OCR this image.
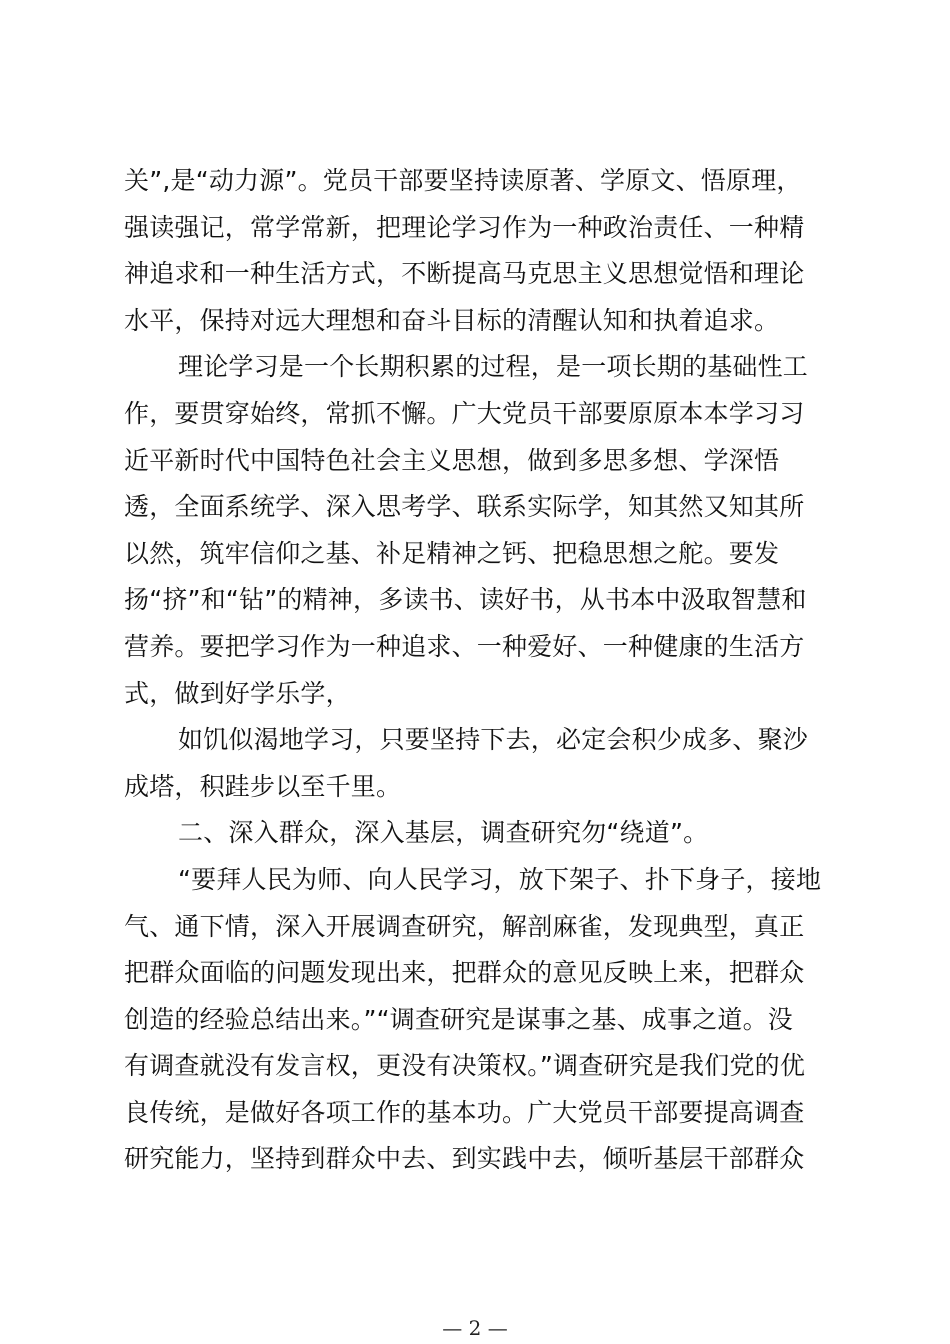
关”,是“动力源”。党员干部要坚持读原著、学原文、悟原理，
强读强记，常学常新，把理论学习作为一种政治责任、一种精
神追求和一种生活方式，不断提高马克思主义思想觉悟和理论
水平，保持对远大理想和奋斗目标的清醒认知和执着追求。
理论学习是一个长期积累的过程，是一项长期的基础性工
作，要贯穿始终，常抓不懈。广大党员干部要原原本本学习习
近平新时代中国特色社会主义思想，做到多思多想、学深悟
透，全面系统学、深入思考学、联系实际学，知其然又知其所
以然，筑牢信仰之基、补足精神之钙、把稳思想之舵。要发
扬“挤”和“钻”的精神，多读书、读好书，从书本中汲取智慧和
营养。要把学习作为一种追求、一种爱好、一种健康的生活方
式，做到好学乐学，
如饥似渴地学习，只要坚持下去，必定会积少成多、聚沙
成塔，积跬步以至千里。
二、深入群众，深入基层，调查研究勿“绕道”。
“要拜人民为师、向人民学习，放下架子、扑下身子，接地
气、通下情，深入开展调查研究，解剖麻雀，发现典型，真正
把群众面临的问题发现出来，把群众的意见反映上来，把群众
创造的经验总结出来。”“调查研究是谋事之基、成事之道。没
有调查就没有发言权，更没有决策权。”调查研究是我们党的优
良传统，是做好各项工作的基本功。广大党员干部要提高调查
研究能力，坚持到群众中去、到实践中去，倾听基层干部群众
— 2 —
